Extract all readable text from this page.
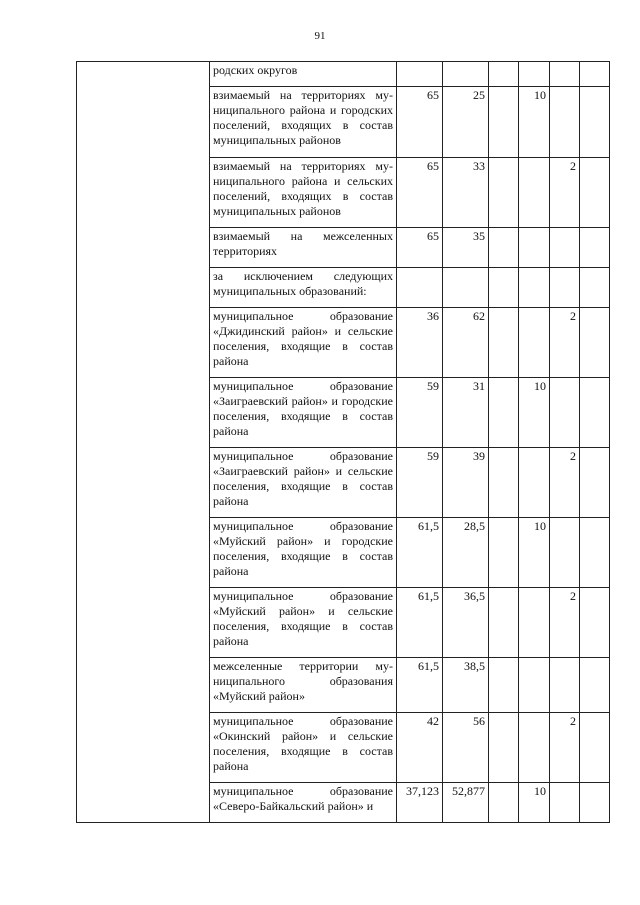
91
	родских округов						
	взимаемый на территориях муниципального района и городских поселений, входящих в состав муниципальных районов	65	25		10		
	взимаемый на территориях муниципального района и сельских поселений, входящих в состав муниципальных районов	65	33			2	
	взимаемый на межселенных территориях	65	35				
	за исключением следующих муниципальных образований:						
	муниципальное образование «Джидинский район» и сельские поселения, входящие в состав района	36	62			2	
	муниципальное образование «Заиграевский район» и городские поселения, входящие в состав района	59	31		10		
	муниципальное образование «Заиграевский район» и сельские поселения, входящие в состав района	59	39			2	
	муниципальное образование «Муйский район» и городские поселения, входящие в состав района	61,5	28,5		10		
	муниципальное образование «Муйский район» и сельские поселения, входящие в состав района	61,5	36,5			2	
	межселенные территории муниципального образования «Муйский район»	61,5	38,5				
	муниципальное образование «Окинский район» и сельские поселения, входящие в состав района	42	56			2	
	муниципальное образование «Северо-Байкальский район» и	37,123	52,877		10		
